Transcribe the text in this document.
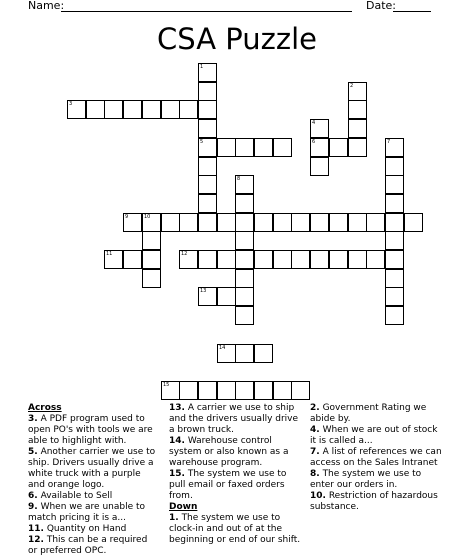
Name:	Date:
CSA Puzzle
1
5
2
3
4
6	7
8
9	10
11	12
13
14
15
Across
3. A PDF program used to open PO's with tools we are able to highlight with.
5. Another carrier we use to ship. Drivers usually drive a white truck with a purple and orange logo.
6. Available to Sell
9. When we are unable to match pricing it is a...
11. Quantity on Hand
12. This can be a required or preferred OPC.
13. A carrier we use to ship and the drivers usually drive a brown truck.
14. Warehouse control system or also known as a warehouse program.
15. The system we use to pull email or faxed orders from.
Down
1. The system we use to clock-in and out of at the beginning or end of our shift.
2. Government Rating we abide by.
4. When we are out of stock it is called a...
7. A list of references we can access on the Sales Intranet
8. The system we use to enter our orders in.
10. Restriction of hazardous substance.
